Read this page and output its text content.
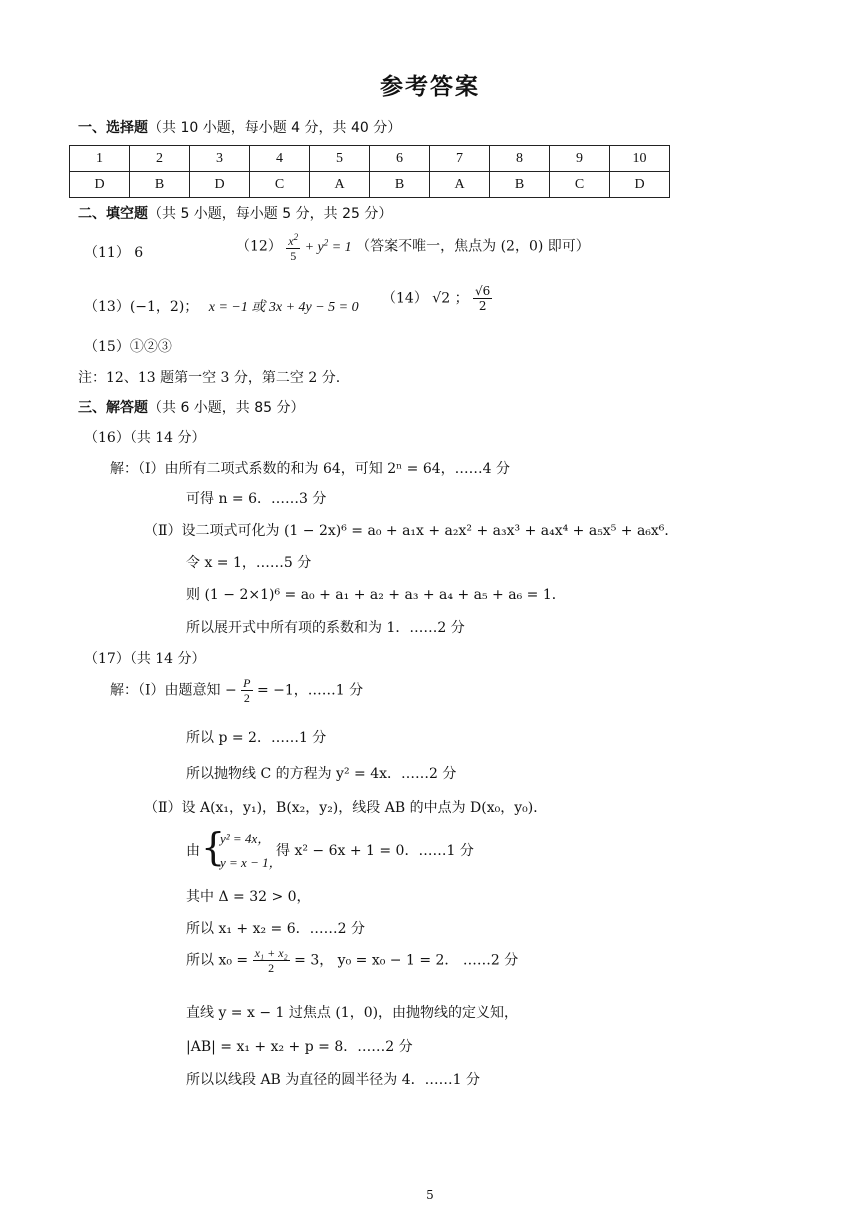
参考答案
一、选择题（共 10 小题，每小题 4 分，共 40 分）
1	2	3	4	5	6	7	8	9	10
D	B	D	C	A	B	A	B	C	D
二、填空题（共 5 小题，每小题 5 分，共 25 分）
（11） 6	$(12) \frac{x^2}{5} + y^2 = 1$ （答案不唯一，焦点为 (2，0) 即可）
（13）(−1，2)； x = −1 或 3x + 4y − 5 = 0
（14） √2 ； $\frac{√6}{2}$
（15）①②③
注：12、13 题第一空 3 分，第二空 2 分.
三、解答题（共 6 小题，共 85 分）
（16）（共 14 分）
解：（Ⅰ）由所有二项式系数的和为 64，可知 2ⁿ = 64，……4 分
可得 n = 6．……3 分
（Ⅱ）设二项式可化为 (1 − 2x)⁶ = a₀ + a₁x + a₂x² + a₃x³ + a₄x⁴ + a₅x⁵ + a₆x⁶．
令 x = 1，……5 分
则 (1 − 2×1)⁶ = a₀ + a₁ + a₂ + a₃ + a₄ + a₅ + a₆ = 1．
所以展开式中所有项的系数和为 1．……2 分
（17）（共 14 分）
解：（Ⅰ）由题意知 − $\frac{P}{2} = -1$，……1 分
所以 p = 2．……1 分
所以抛物线 C 的方程为 y² = 4x．……2 分
（Ⅱ）设 A(x₁，y₁)，B(x₂，y₂)，线段 AB 的中点为 D(x₀，y₀)．
由 {
y² = 4x，
y = x − 1，
得 x² − 6x + 1 = 0．……1 分
其中 Δ = 32 > 0，
所以 x₁ + x₂ = 6．……2 分
所以 $x_0 = \frac{\text{x₁ + x₂}}{2} = 3$， y₀ = x₀ − 1 = 2． ……2 分
直线 y = x − 1 过焦点 (1，0)，由抛物线的定义知，
|AB| = x₁ + x₂ + p = 8．……2 分
所以以线段 AB 为直径的圆半径为 4．……1 分
5
